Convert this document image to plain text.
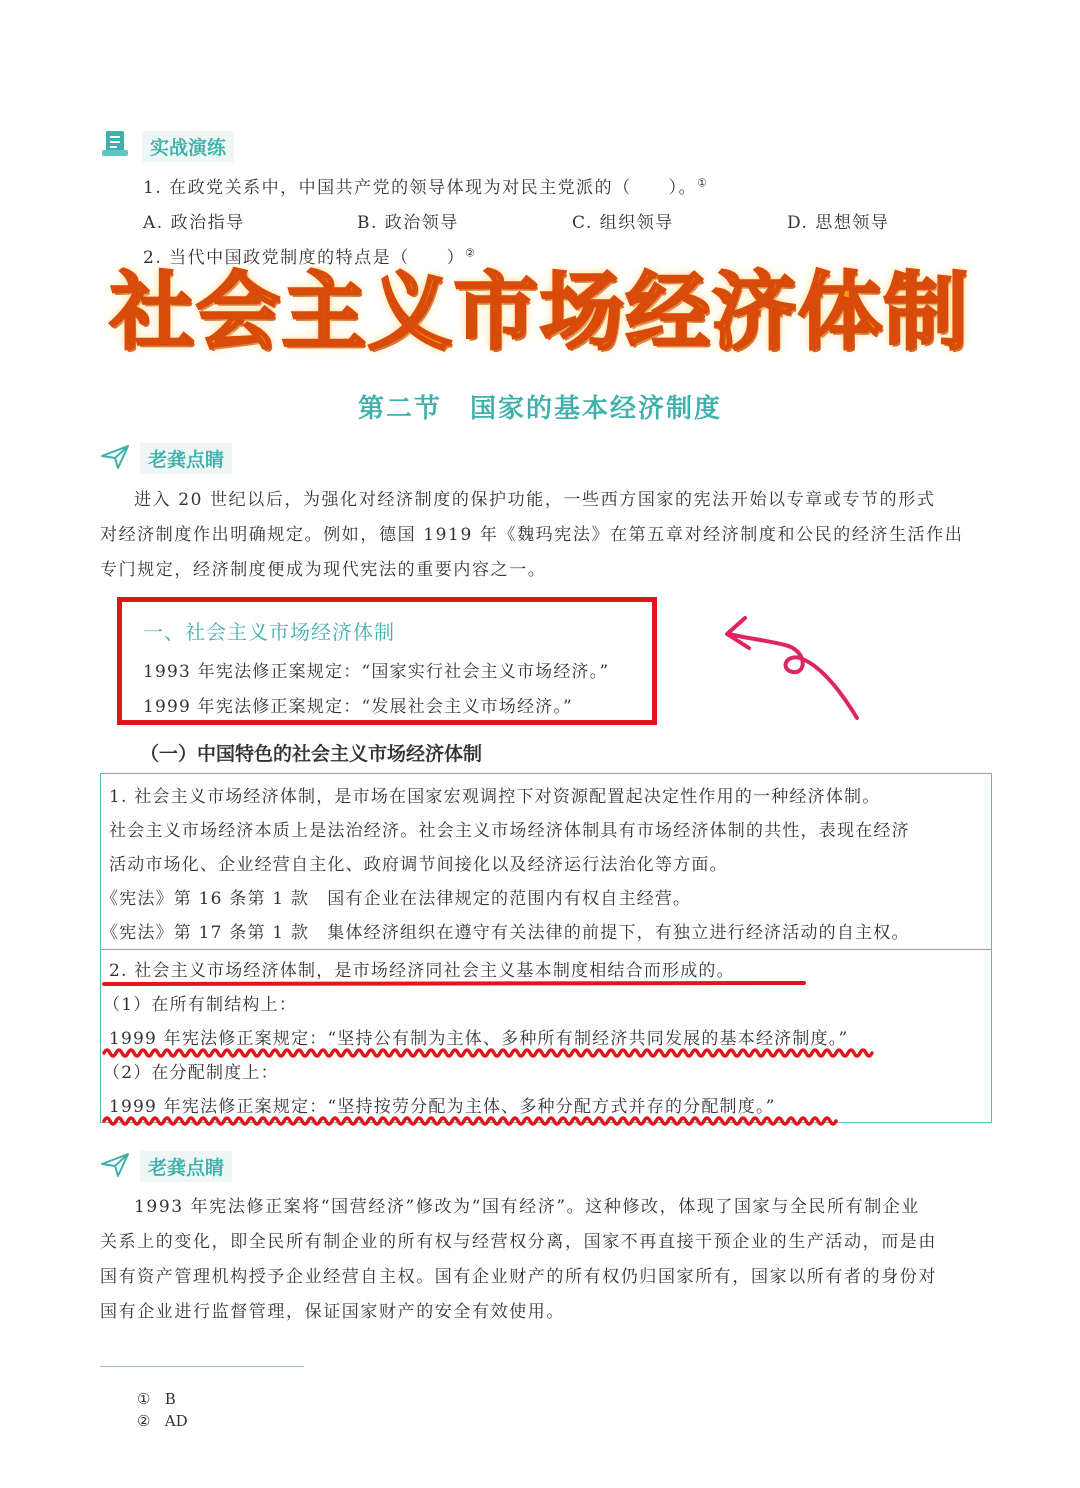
实战演练
1. 在政党关系中，中国共产党的领导体现为对民主党派的（　　）。①
A. 政治指导	B. 政治领导	C. 组织领导	D. 思想领导
2. 当代中国政党制度的特点是（　　）②
社会主义市场经济体制
第二节　国家的基本经济制度
老龚点睛
进入 20 世纪以后，为强化对经济制度的保护功能，一些西方国家的宪法开始以专章或专节的形式
对经济制度作出明确规定。例如，德国 1919 年《魏玛宪法》在第五章对经济制度和公民的经济生活作出
专门规定，经济制度便成为现代宪法的重要内容之一。
一、社会主义市场经济体制
1993 年宪法修正案规定：“国家实行社会主义市场经济。”
1999 年宪法修正案规定：“发展社会主义市场经济。”
（一）中国特色的社会主义市场经济体制
1. 社会主义市场经济体制，是市场在国家宏观调控下对资源配置起决定性作用的一种经济体制。
社会主义市场经济本质上是法治经济。社会主义市场经济体制具有市场经济体制的共性，表现在经济
活动市场化、企业经营自主化、政府调节间接化以及经济运行法治化等方面。
《宪法》第 16 条第 1 款　国有企业在法律规定的范围内有权自主经营。
《宪法》第 17 条第 1 款　集体经济组织在遵守有关法律的前提下，有独立进行经济活动的自主权。
2. 社会主义市场经济体制，是市场经济同社会主义基本制度相结合而形成的。
（1）在所有制结构上：
1999 年宪法修正案规定：“坚持公有制为主体、多种所有制经济共同发展的基本经济制度。”
（2）在分配制度上：
1999 年宪法修正案规定：“坚持按劳分配为主体、多种分配方式并存的分配制度。”
老龚点睛
1993 年宪法修正案将“国营经济”修改为“国有经济”。这种修改，体现了国家与全民所有制企业
关系上的变化，即全民所有制企业的所有权与经营权分离，国家不再直接干预企业的生产活动，而是由
国有资产管理机构授予企业经营自主权。国有企业财产的所有权仍归国家所有，国家以所有者的身份对
国有企业进行监督管理，保证国家财产的安全有效使用。
① B
② AD
